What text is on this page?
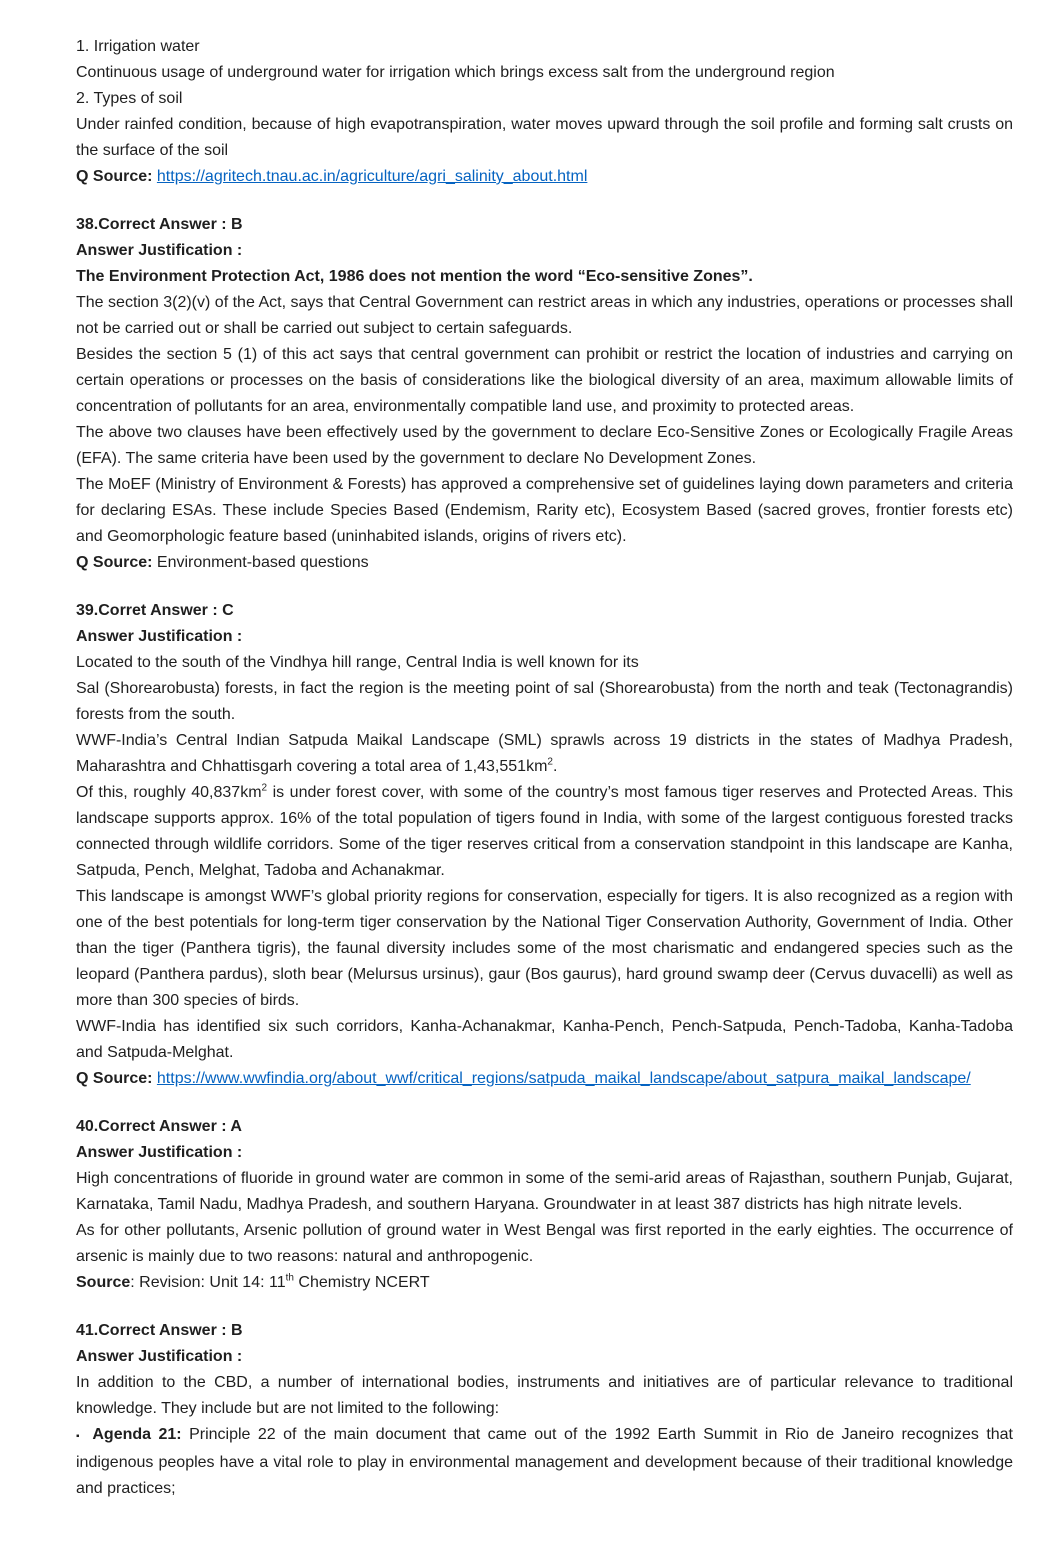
1. Irrigation water

Continuous usage of underground water for irrigation which brings excess salt from the underground region

2. Types of soil

Under rainfed condition, because of high evapotranspiration, water moves upward through the soil profile and forming salt crusts on the surface of the soil

Q Source: https://agritech.tnau.ac.in/agriculture/agri_salinity_about.html

38.Correct Answer : B

Answer Justification :

The Environment Protection Act, 1986 does not mention the word “Eco-sensitive Zones”.

The section 3(2)(v) of the Act, says that Central Government can restrict areas in which any industries, operations or processes shall not be carried out or shall be carried out subject to certain safeguards.

Besides the section 5 (1) of this act says that central government can prohibit or restrict the location of industries and carrying on certain operations or processes on the basis of considerations like the biological diversity of an area, maximum allowable limits of concentration of pollutants for an area, environmentally compatible land use, and proximity to protected areas.

The above two clauses have been effectively used by the government to declare Eco-Sensitive Zones or Ecologically Fragile Areas (EFA). The same criteria have been used by the government to declare No Development Zones.

The MoEF (Ministry of Environment & Forests) has approved a comprehensive set of guidelines laying down parameters and criteria for declaring ESAs. These include Species Based (Endemism, Rarity etc), Ecosystem Based (sacred groves, frontier forests etc) and Geomorphologic feature based (uninhabited islands, origins of rivers etc).

Q Source: Environment-based questions

39.Corret Answer : C

Answer Justification :

Located to the south of the Vindhya hill range, Central India is well known for its

Sal (Shorearobusta) forests, in fact the region is the meeting point of sal (Shorearobusta) from the north and teak (Tectonagrandis) forests from the south.

WWF-India’s Central Indian Satpuda Maikal Landscape (SML) sprawls across 19 districts in the states of Madhya Pradesh, Maharashtra and Chhattisgarh covering a total area of $1,43,551km^2$.

Of this, roughly $40,837km^2$ is under forest cover, with some of the country’s most famous tiger reserves and Protected Areas. This landscape supports approx. 16% of the total population of tigers found in India, with some of the largest contiguous forested tracks connected through wildlife corridors. Some of the tiger reserves critical from a conservation standpoint in this landscape are Kanha, Satpuda, Pench, Melghat, Tadoba and Achanakmar.

This landscape is amongst WWF’s global priority regions for conservation, especially for tigers. It is also recognized as a region with one of the best potentials for long-term tiger conservation by the National Tiger Conservation Authority, Government of India. Other than the tiger (Panthera tigris), the faunal diversity includes some of the most charismatic and endangered species such as the leopard (Panthera pardus), sloth bear (Melursus ursinus), gaur (Bos gaurus), hard ground swamp deer (Cervus duvacelli) as well as more than 300 species of birds.

WWF-India has identified six such corridors, Kanha-Achanakmar, Kanha-Pench, Pench-Satpuda, Pench-Tadoba, Kanha-Tadoba and Satpuda-Melghat.

Q Source: https://www.wwfindia.org/about_wwf/critical_regions/satpuda_maikal_landscape/about_satpura_maikal_landscape/

40.Correct Answer : A

Answer Justification :

High concentrations of fluoride in ground water are common in some of the semi-arid areas of Rajasthan, southern Punjab, Gujarat, Karnataka, Tamil Nadu, Madhya Pradesh, and southern Haryana. Groundwater in at least 387 districts has high nitrate levels.

As for other pollutants, Arsenic pollution of ground water in West Bengal was first reported in the early eighties. The occurrence of arsenic is mainly due to two reasons: natural and anthropogenic.

Source: Revision: Unit 14: 11th Chemistry NCERT

41.Correct Answer : B

Answer Justification :

In addition to the CBD, a number of international bodies, instruments and initiatives are of particular relevance to traditional knowledge. They include but are not limited to the following:

▪ Agenda 21: Principle 22 of the main document that came out of the 1992 Earth Summit in Rio de Janeiro recognizes that indigenous peoples have a vital role to play in environmental management and development because of their traditional knowledge and practices;
